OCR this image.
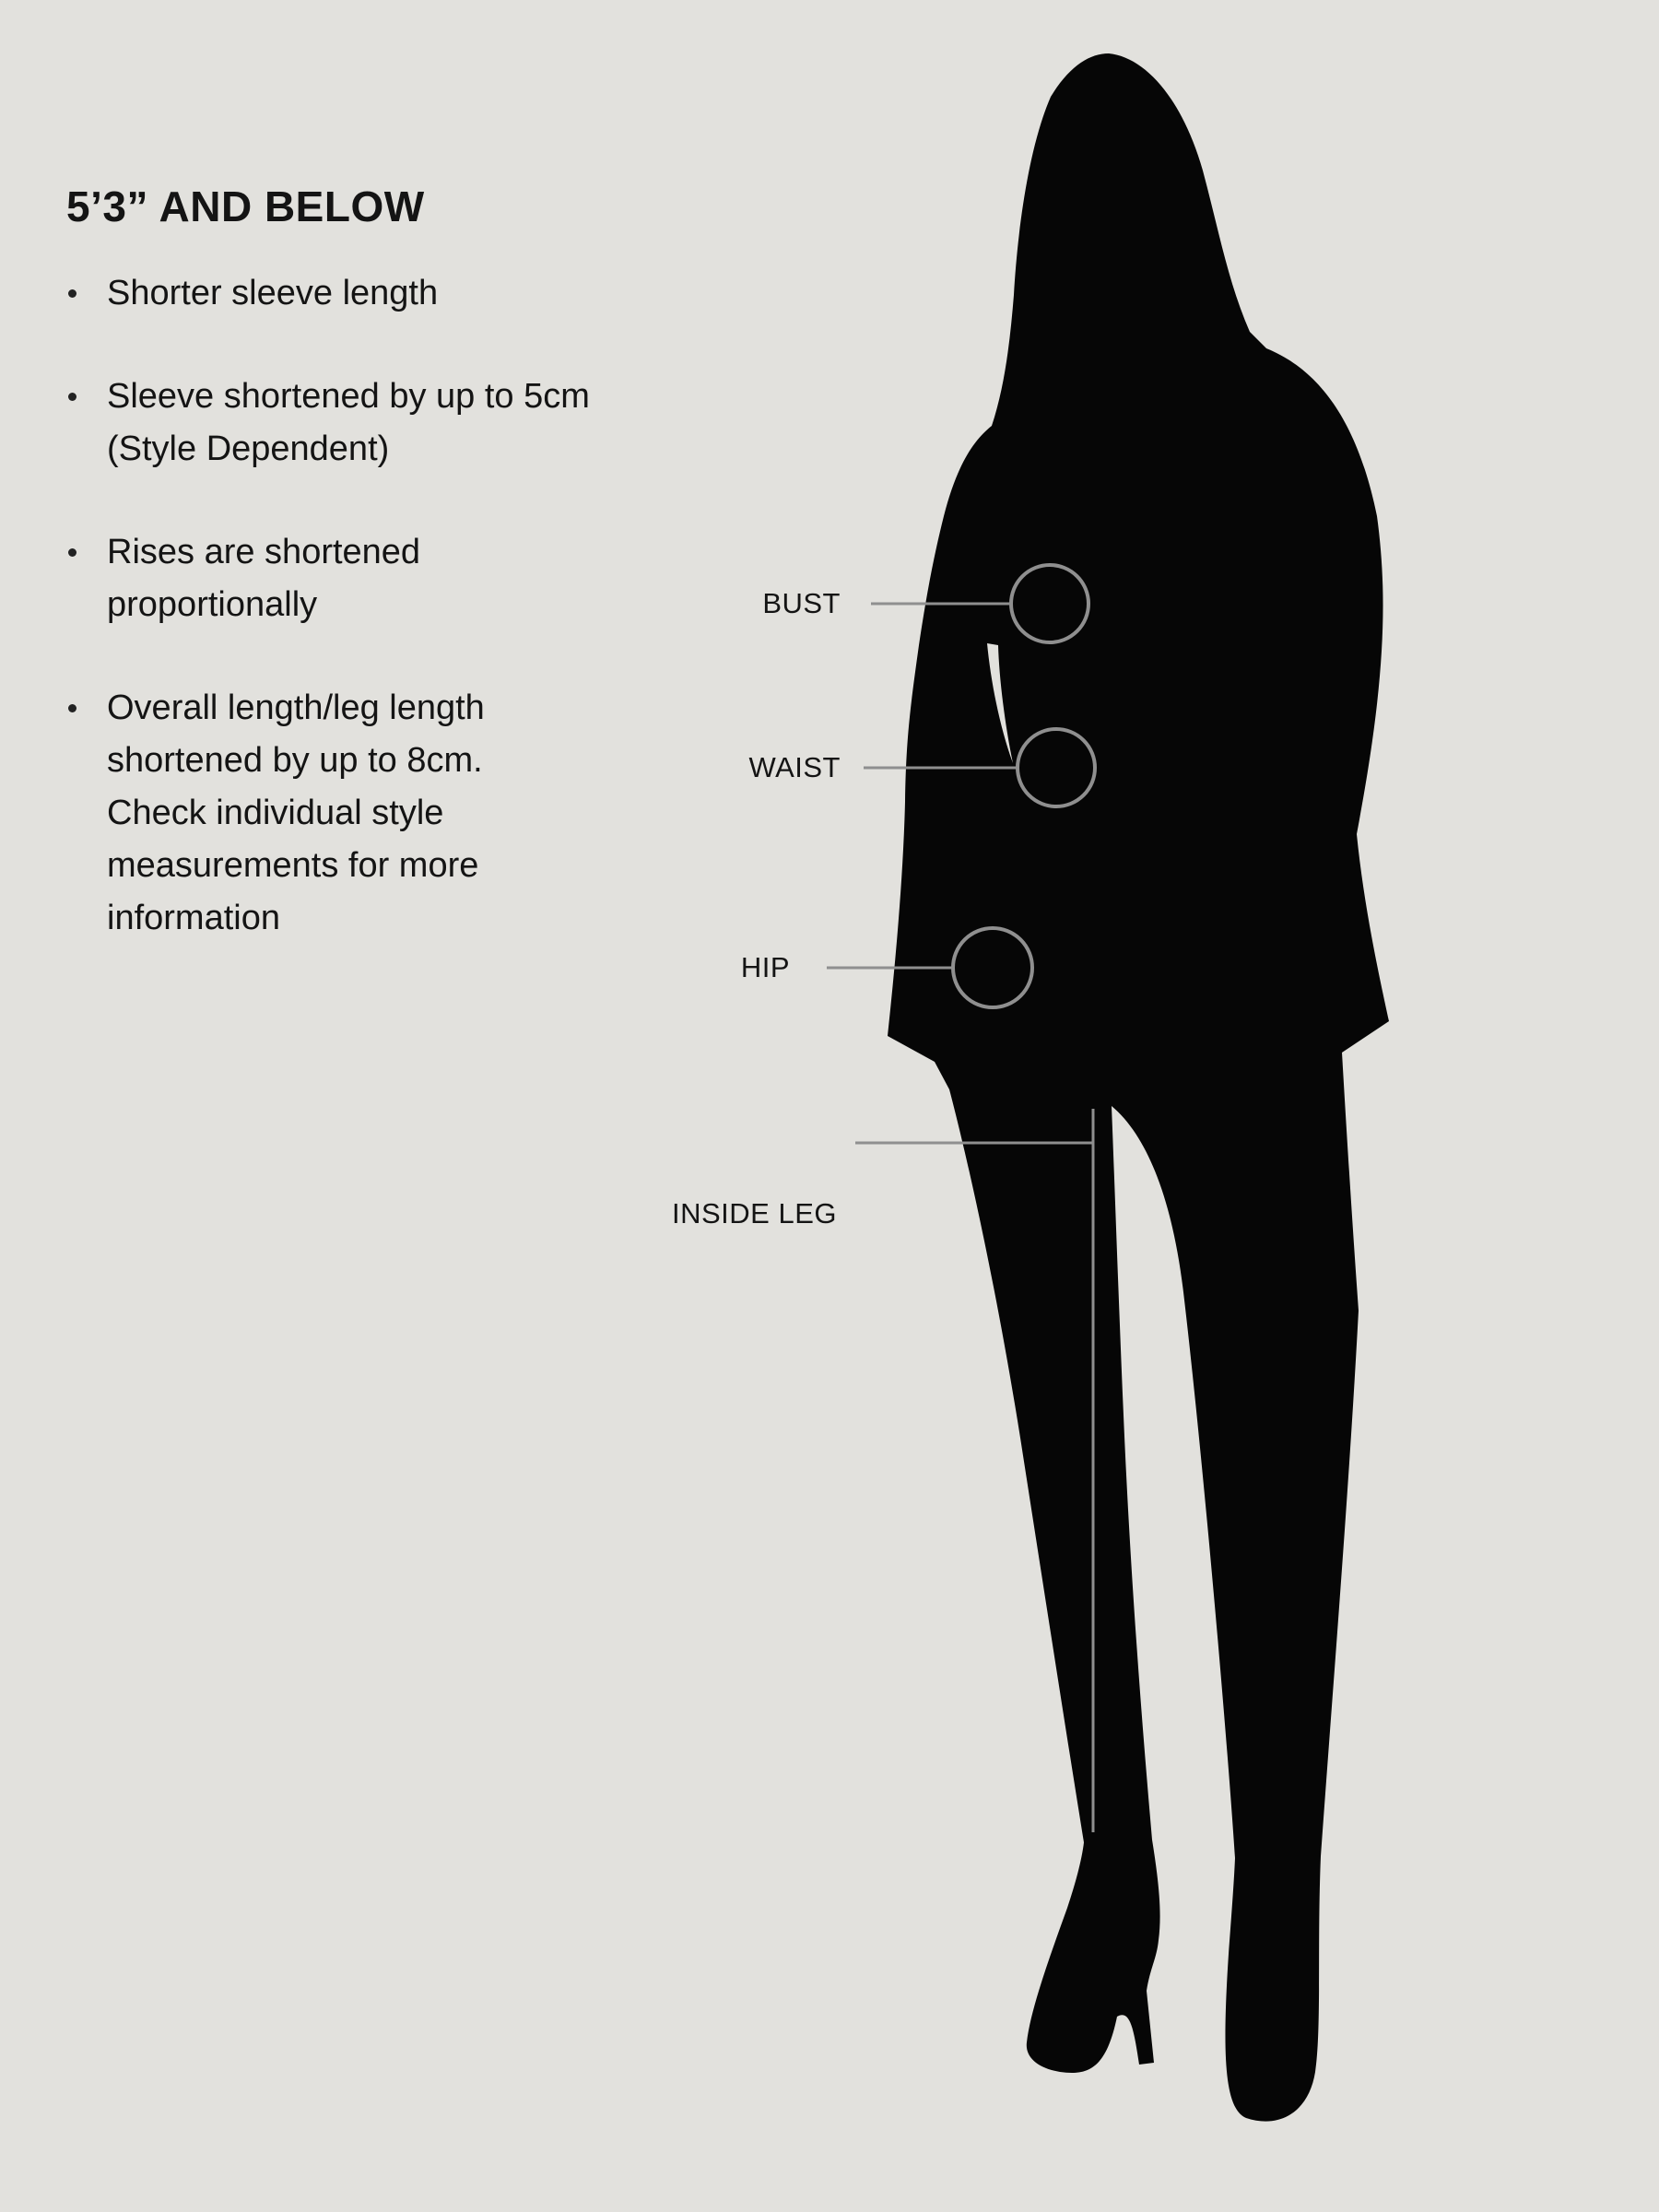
5’3” AND BELOW
Shorter sleeve length
Sleeve shortened by up to 5cm
(Style Dependent)
Rises are shortened
proportionally
Overall length/leg length
shortened by up to 8cm.
Check individual style
measurements for more
information
BUST
WAIST
HIP
INSIDE LEG
